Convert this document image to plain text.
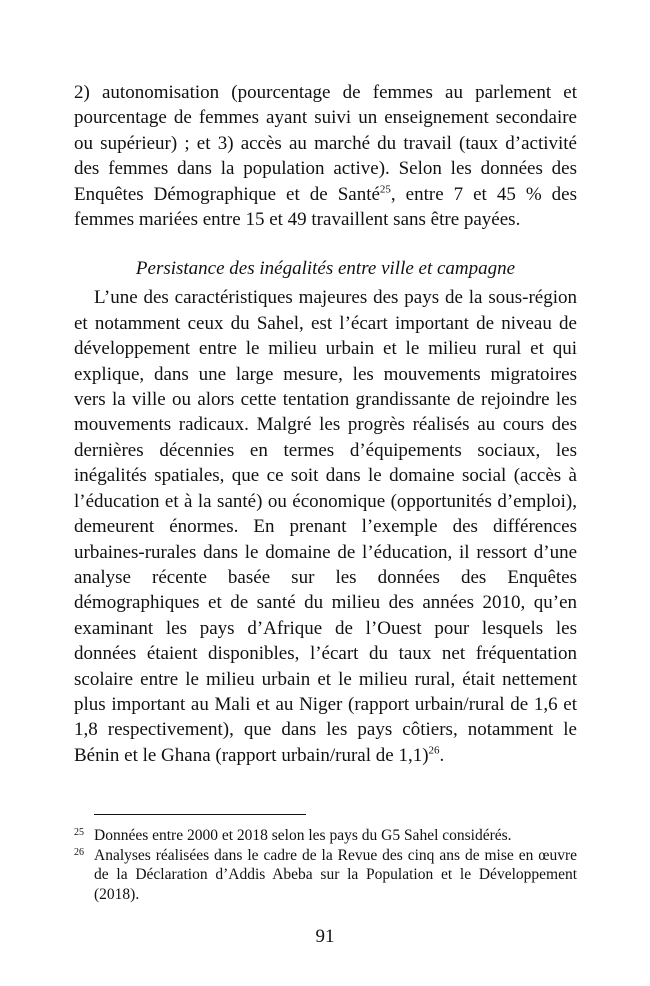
2) autonomisation (pourcentage de femmes au parlement et pourcentage de femmes ayant suivi un enseignement secondaire ou supérieur) ; et 3) accès au marché du travail (taux d’activité des femmes dans la population active). Selon les données des Enquêtes Démographique et de Santé$^{25}$, entre 7 et 45 % des femmes mariées entre 15 et 49 travaillent sans être payées.

Persistance des inégalités entre ville et campagne

L’une des caractéristiques majeures des pays de la sous-région et notamment ceux du Sahel, est l’écart important de niveau de développement entre le milieu urbain et le milieu rural et qui explique, dans une large mesure, les mouvements migratoires vers la ville ou alors cette tentation grandissante de rejoindre les mouvements radicaux. Malgré les progrès réalisés au cours des dernières décennies en termes d’équipements sociaux, les inégalités spatiales, que ce soit dans le domaine social (accès à l’éducation et à la santé) ou économique (opportunités d’emploi), demeurent énormes. En prenant l’exemple des différences urbaines-rurales dans le domaine de l’éducation, il ressort d’une analyse récente basée sur les données des Enquêtes démographiques et de santé du milieu des années 2010, qu’en examinant les pays d’Afrique de l’Ouest pour lesquels les données étaient disponibles, l’écart du taux net fréquentation scolaire entre le milieu urbain et le milieu rural, était nettement plus important au Mali et au Niger (rapport urbain/rural de 1,6 et 1,8 respectivement), que dans les pays côtiers, notamment le Bénin et le Ghana (rapport urbain/rural de 1,1)$^{26}$.

25 Données entre 2000 et 2018 selon les pays du G5 Sahel considérés.
26 Analyses réalisées dans le cadre de la Revue des cinq ans de mise en œuvre de la Déclaration d’Addis Abeba sur la Population et le Développement (2018).
91
